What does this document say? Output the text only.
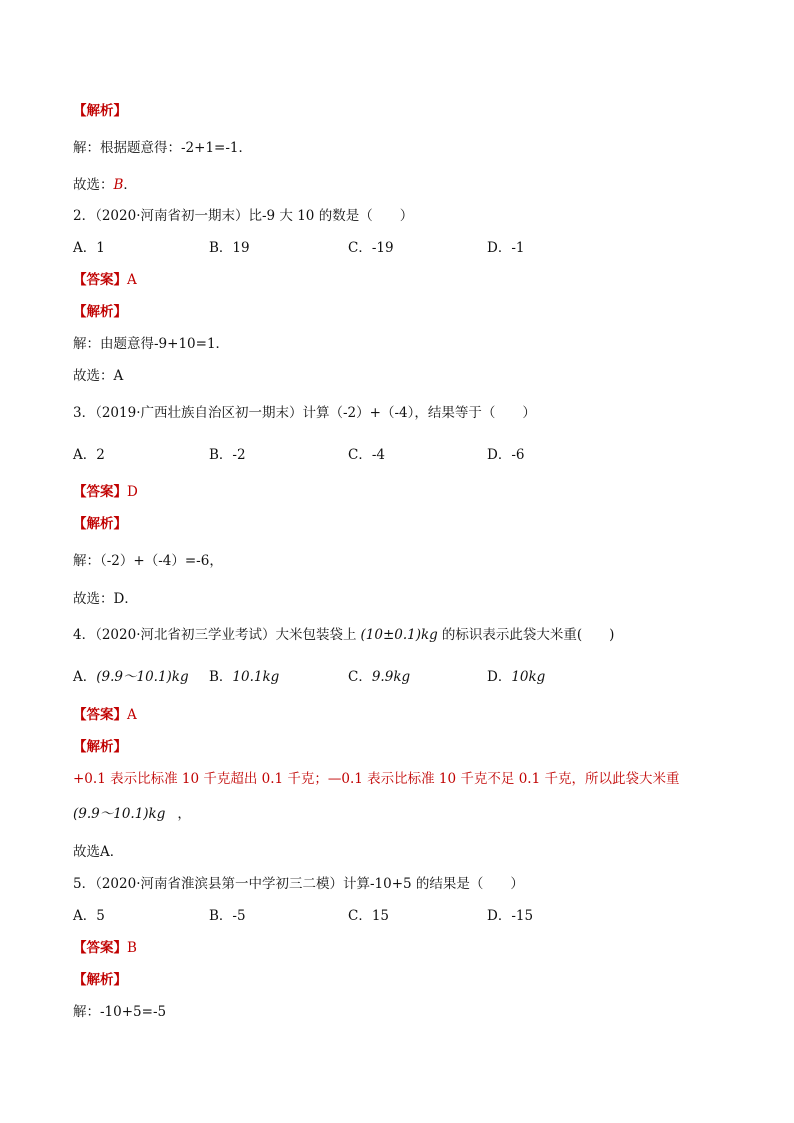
【解析】
解：根据题意得：-2+1=-1．
故选：B．
2．（2020·河南省初一期末）比-9 大 10 的数是（　　）
A．1	B．19	C．-19	D．-1
【答案】A
【解析】
解：由题意得-9+10=1．
故选：A
3．（2019·广西壮族自治区初一期末）计算（-2）+（-4），结果等于（　　）
A．2	B．-2	C．-4	D．-6
【答案】D
【解析】
解：（-2）+（-4）=-6，
故选：D．
4．（2020·河北省初三学业考试）大米包装袋上 (10±0.1)kg 的标识表示此袋大米重(　　)
A．(9.9～10.1)kg B．10.1kg	C．9.9kg	D．10kg
【答案】A
【解析】
+0.1 表示比标准 10 千克超出 0.1 千克；—0.1 表示比标准 10 千克不足 0.1 千克，所以此袋大米重
(9.9～10.1)kg ，
故选A．
5．（2020·河南省淮滨县第一中学初三二模）计算-10+5 的结果是（　　）
A．5	B．-5	C．15	D．-15
【答案】B
【解析】
解：-10+5=-5
